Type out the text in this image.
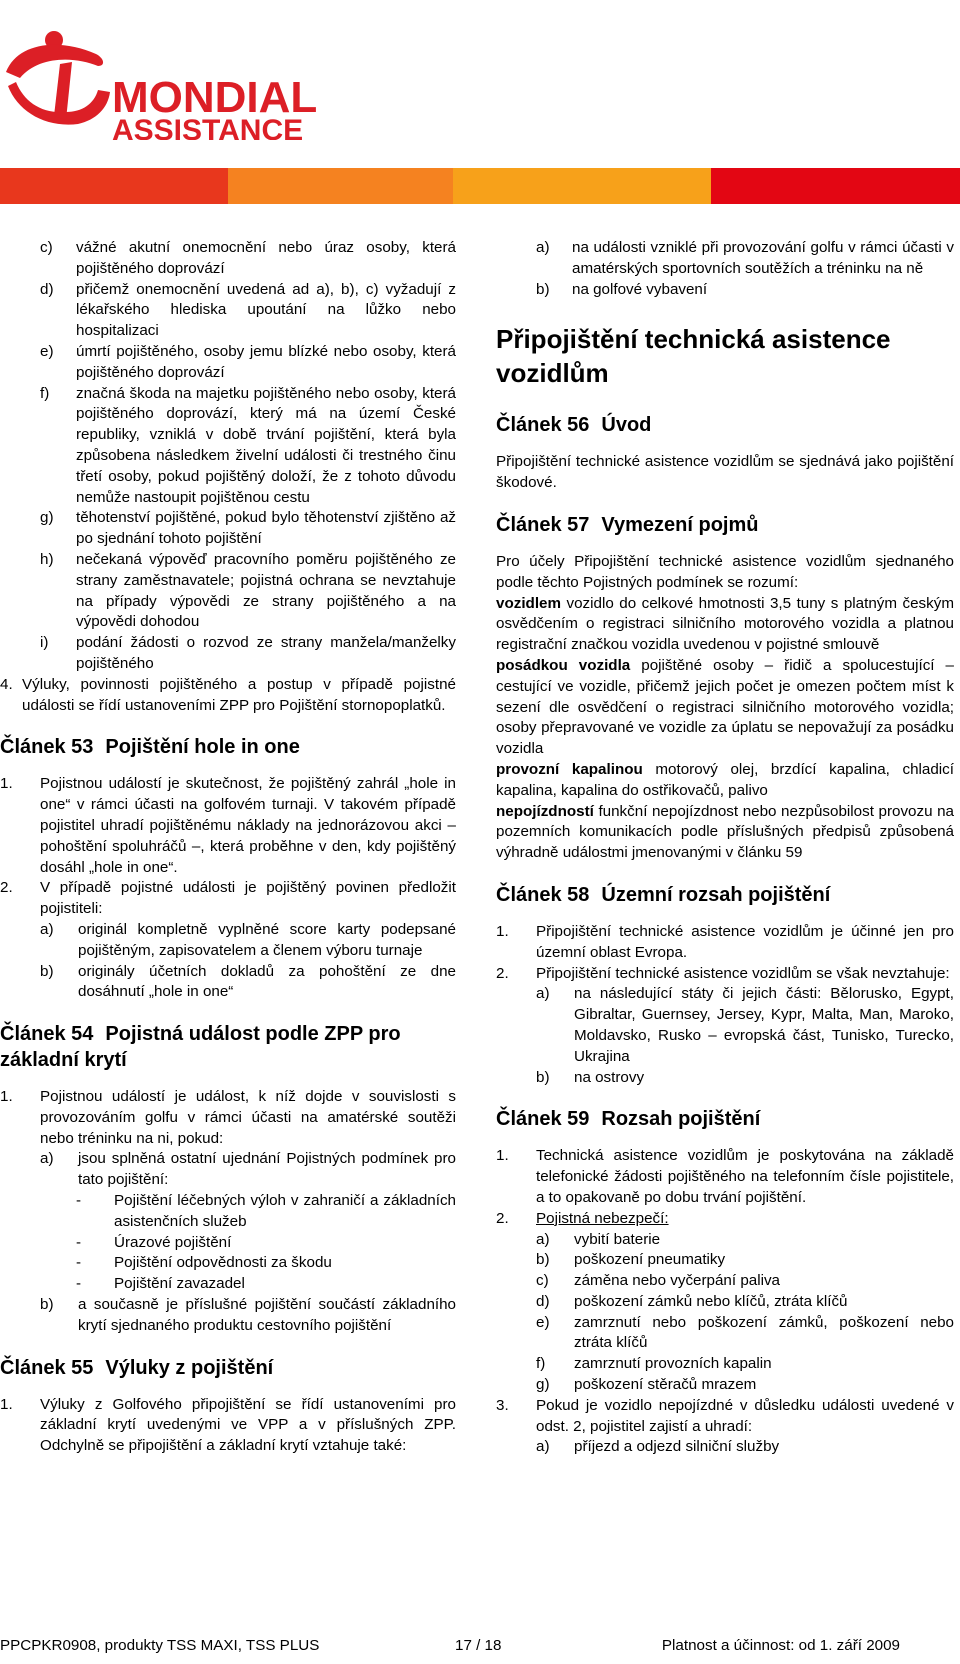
MONDIAL
ASSISTANCE
c)	vážné akutní onemocnění nebo úraz osoby, která pojištěného doprovází
d)	přičemž onemocnění uvedená ad a), b), c) vyžadují z lékařského hlediska upoutání na lůžko nebo hospitalizaci
e)	úmrtí pojištěného, osoby jemu blízké nebo osoby, která pojištěného doprovází
f)	značná škoda na majetku pojištěného nebo osoby, která pojištěného doprovází, který má na území České republiky, vzniklá v době trvání pojištění, která byla způsobena následkem živelní události či trestného činu třetí osoby, pokud pojištěný doloží, že z tohoto důvodu nemůže nastoupit pojištěnou cestu
g)	těhotenství pojištěné, pokud bylo těhotenství zjištěno až po sjednání tohoto pojištění
h)	nečekaná výpověď pracovního poměru pojištěného ze strany zaměstnavatele; pojistná ochrana se nevztahuje na případy výpovědi ze strany pojištěného a na výpovědi dohodou
i)	podání žádosti o rozvod ze strany manžela/manželky pojištěného
4. Výluky, povinnosti pojištěného a postup v případě pojistné události se řídí ustanoveními ZPP pro Pojištění stornopoplatků.
Článek 53 Pojištění hole in one
1.	Pojistnou událostí je skutečnost, že pojištěný zahrál „hole in one“ v rámci účasti na golfovém turnaji. V takovém případě pojistitel uhradí pojištěnému náklady na jednorázovou akci – pohoštění spoluhráčů –, která proběhne v den, kdy pojištěný dosáhl „hole in one“.
2.	V případě pojistné události je pojištěný povinen předložit pojistiteli:
a)	originál kompletně vyplněné score karty podepsané pojištěným, zapisovatelem a členem výboru turnaje
b)	originály účetních dokladů za pohoštění ze dne dosáhnutí „hole in one“
Článek 54 Pojistná událost podle ZPP pro základní krytí
1.	Pojistnou událostí je událost, k níž dojde v souvislosti s provozováním golfu v rámci účasti na amatérské soutěži nebo tréninku na ni, pokud:
a)	jsou splněná ostatní ujednání Pojistných podmínek pro tato pojištění:
-	Pojištění léčebných výloh v zahraničí a základních asistenčních služeb
-	Úrazové pojištění
-	Pojištění odpovědnosti za škodu
-	Pojištění zavazadel
b)	a současně je příslušné pojištění součástí základního krytí sjednaného produktu cestovního pojištění
Článek 55 Výluky z pojištění
1.	Výluky z Golfového připojištění se řídí ustanoveními pro základní krytí uvedenými ve VPP a v příslušných ZPP. Odchylně se připojištění a základní krytí vztahuje také:
a)	na události vzniklé při provozování golfu v rámci účasti v amatérských sportovních soutěžích a tréninku na ně
b)	na golfové vybavení
Připojištění technická asistence vozidlům
Článek 56 Úvod
Připojištění technické asistence vozidlům se sjednává jako pojištění škodové.
Článek 57 Vymezení pojmů
Pro účely Připojištění technické asistence vozidlům sjednaného podle těchto Pojistných podmínek se rozumí:
vozidlem vozidlo do celkové hmotnosti 3,5 tuny s platným českým osvědčením o registraci silničního motorového vozidla a platnou registrační značkou vozidla uvedenou v pojistné smlouvě
posádkou vozidla pojištěné osoby – řidič a spolucestující – cestující ve vozidle, přičemž jejich počet je omezen počtem míst k sezení dle osvědčení o registraci silničního motorového vozidla; osoby přepravované ve vozidle za úplatu se nepovažují za posádku vozidla
provozní kapalinou motorový olej, brzdící kapalina, chladicí kapalina, kapalina do ostřikovačů, palivo
nepojízdností funkční nepojízdnost nebo nezpůsobilost provozu na pozemních komunikacích podle příslušných předpisů způsobená výhradně událostmi jmenovanými v článku 59
Článek 58 Územní rozsah pojištění
1.	Připojištění technické asistence vozidlům je účinné jen pro územní oblast Evropa.
2.	Připojištění technické asistence vozidlům se však nevztahuje:
a)	na následující státy či jejich části: Bělorusko, Egypt, Gibraltar, Guernsey, Jersey, Kypr, Malta, Man, Maroko, Moldavsko, Rusko – evropská část, Tunisko, Turecko, Ukrajina
b)	na ostrovy
Článek 59 Rozsah pojištění
1.	Technická asistence vozidlům je poskytována na základě telefonické žádosti pojištěného na telefonním čísle pojistitele, a to opakovaně po dobu trvání pojištění.
2.	Pojistná nebezpečí:
a)	vybití baterie
b)	poškození pneumatiky
c)	záměna nebo vyčerpání paliva
d)	poškození zámků nebo klíčů, ztráta klíčů
e)	zamrznutí nebo poškození zámků, poškození nebo ztráta klíčů
f)	zamrznutí provozních kapalin
g)	poškození stěračů mrazem
3.	Pokud je vozidlo nepojízdné v důsledku události uvedené v odst. 2, pojistitel zajistí a uhradí:
a)	příjezd a odjezd silniční služby
PPCPKR0908, produkty TSS MAXI, TSS PLUS	17 / 18	Platnost a účinnost: od 1. září 2009
